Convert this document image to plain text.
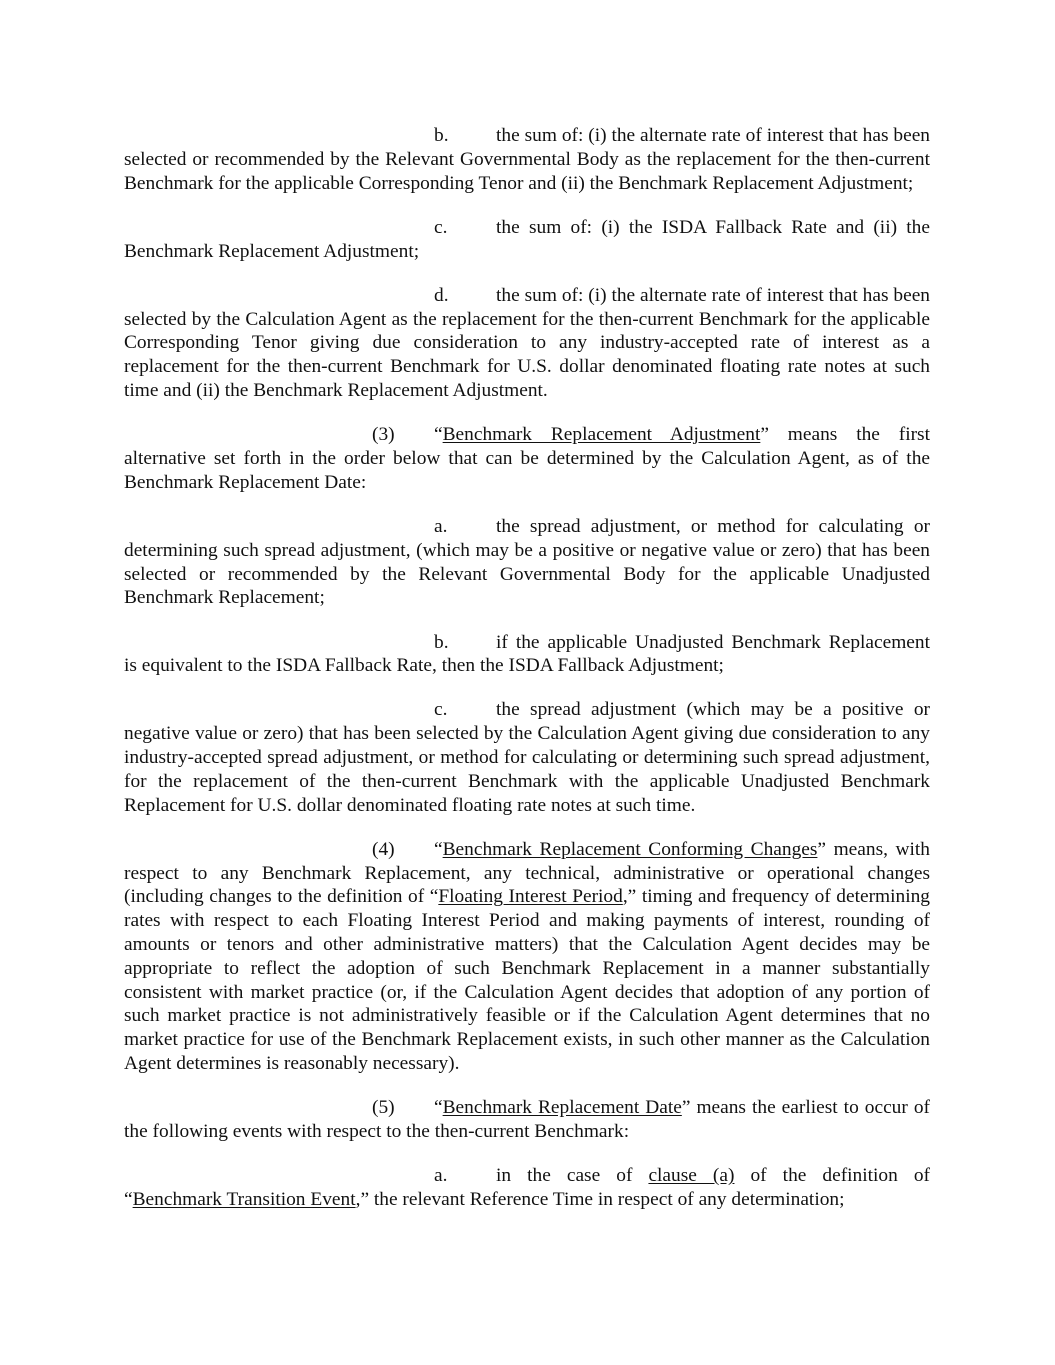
b. the sum of: (i) the alternate rate of interest that has been selected or recommended by the Relevant Governmental Body as the replacement for the then-current Benchmark for the applicable Corresponding Tenor and (ii) the Benchmark Replacement Adjustment;

c.	the sum of: (i) the ISDA Fallback Rate and (ii) the Benchmark Replacement Adjustment;

d. the sum of: (i) the alternate rate of interest that has been selected by the Calculation Agent as the replacement for the then-current Benchmark for the applicable Corresponding Tenor giving due consideration to any industry-accepted rate of interest as a replacement for the then-current Benchmark for U.S. dollar denominated floating rate notes at such time and (ii) the Benchmark Replacement Adjustment.

(3) “Benchmark Replacement Adjustment” means the first alternative set forth in the order below that can be determined by the Calculation Agent, as of the Benchmark Replacement Date:

a.	the spread adjustment, or method for calculating or determining such spread adjustment, (which may be a positive or negative value or zero) that has been selected or recommended by the Relevant Governmental Body for the applicable Unadjusted Benchmark Replacement;

b. if the applicable Unadjusted Benchmark Replacement is equivalent to the ISDA Fallback Rate, then the ISDA Fallback Adjustment;

c.	the spread adjustment (which may be a positive or negative value or zero) that has been selected by the Calculation Agent giving due consideration to any industry-accepted spread adjustment, or method for calculating or determining such spread adjustment, for the replacement of the then-current Benchmark with the applicable Unadjusted Benchmark Replacement for U.S. dollar denominated floating rate notes at such time.

(4) “Benchmark Replacement Conforming Changes” means, with respect to any Benchmark Replacement, any technical, administrative or operational changes (including changes to the definition of “Floating Interest Period,” timing and frequency of determining rates with respect to each Floating Interest Period and making payments of interest, rounding of amounts or tenors and other administrative matters) that the Calculation Agent decides may be appropriate to reflect the adoption of such Benchmark Replacement in a manner substantially consistent with market practice (or, if the Calculation Agent decides that adoption of any portion of such market practice is not administratively feasible or if the Calculation Agent determines that no market practice for use of the Benchmark Replacement exists, in such other manner as the Calculation Agent determines is reasonably necessary).

(5) “Benchmark Replacement Date” means the earliest to occur of the following events with respect to the then-current Benchmark:

a.	in the case of clause (a) of the definition of “Benchmark Transition Event,” the relevant Reference Time in respect of any determination;
